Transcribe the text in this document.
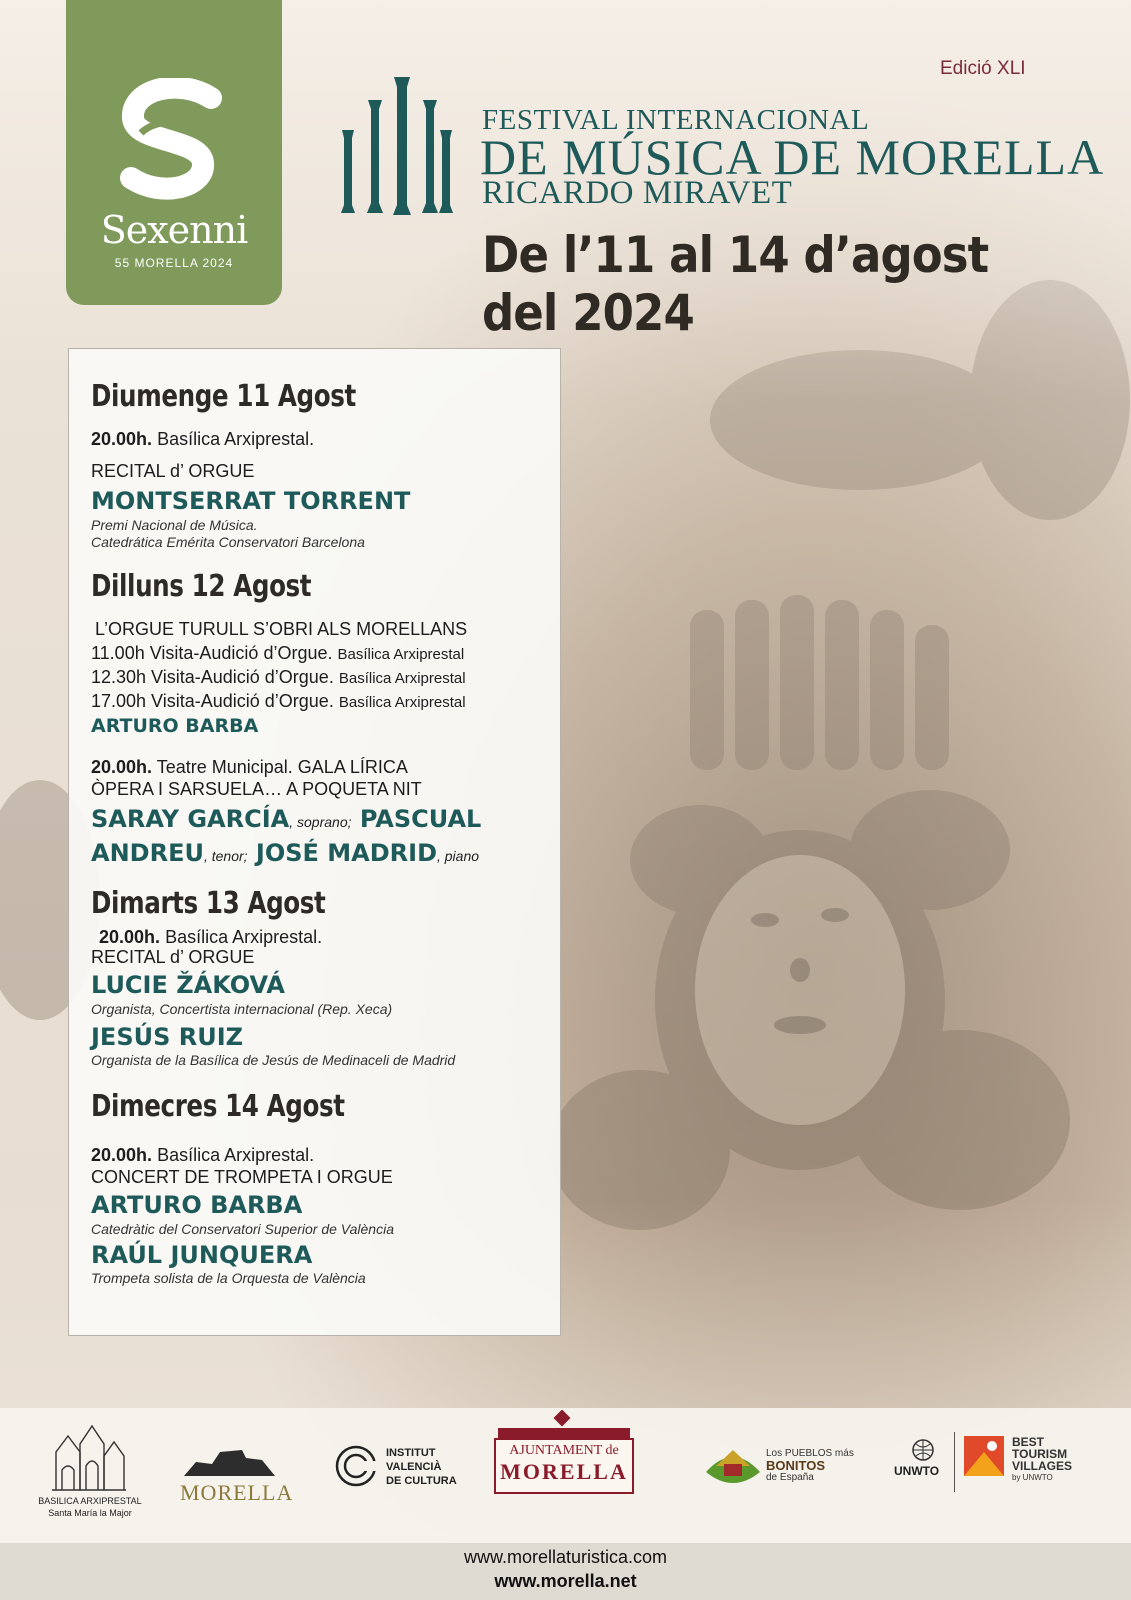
Sexenni
55 MORELLA 2024
Edició XLI
FESTIVAL INTERNACIONAL
DE MÚSICA DE MORELLA
RICARDO MIRAVET
De l’11 al 14 d’agost del 2024
Diumenge 11 Agost
20.00h. Basílica Arxiprestal.
RECITAL d’ ORGUE
MONTSERRAT TORRENT
Premi Nacional de Música.
Catedrática Emérita Conservatori Barcelona
Dilluns 12 Agost
L’ORGUE TURULL S’OBRI ALS MORELLANS
11.00h Visita-Audició d’Orgue. Basílica Arxiprestal
12.30h Visita-Audició d’Orgue. Basílica Arxiprestal
17.00h Visita-Audició d’Orgue. Basílica Arxiprestal
ARTURO BARBA
20.00h. Teatre Municipal. GALA LÍRICA
ÒPERA I SARSUELA… A POQUETA NIT
SARAY GARCÍA, soprano; PASCUAL
ANDREU, tenor; JOSÉ MADRID, piano
Dimarts 13 Agost
20.00h. Basílica Arxiprestal.
RECITAL d’ ORGUE
LUCIE ŽÁKOVÁ
Organista, Concertista internacional (Rep. Xeca)
JESÚS RUIZ
Organista de la Basílica de Jesús de Medinaceli de Madrid
Dimecres 14 Agost
20.00h. Basílica Arxiprestal.
CONCERT DE TROMPETA I ORGUE
ARTURO BARBA
Catedràtic del Conservatori Superior de València
RAÚL JUNQUERA
Trompeta solista de la Orquesta de València
BASILICA ARXIPRESTAL
Santa María la Major
MORELLA
INSTITUT
VALENCIÀ
DE CULTURA
AJUNTAMENT de
MORELLA
Los PUEBLOS más
BONITOS
de España	UNWTO
BEST
TOURISM
VILLAGES
by UNWTO
www.morellaturistica.com
www.morella.net
